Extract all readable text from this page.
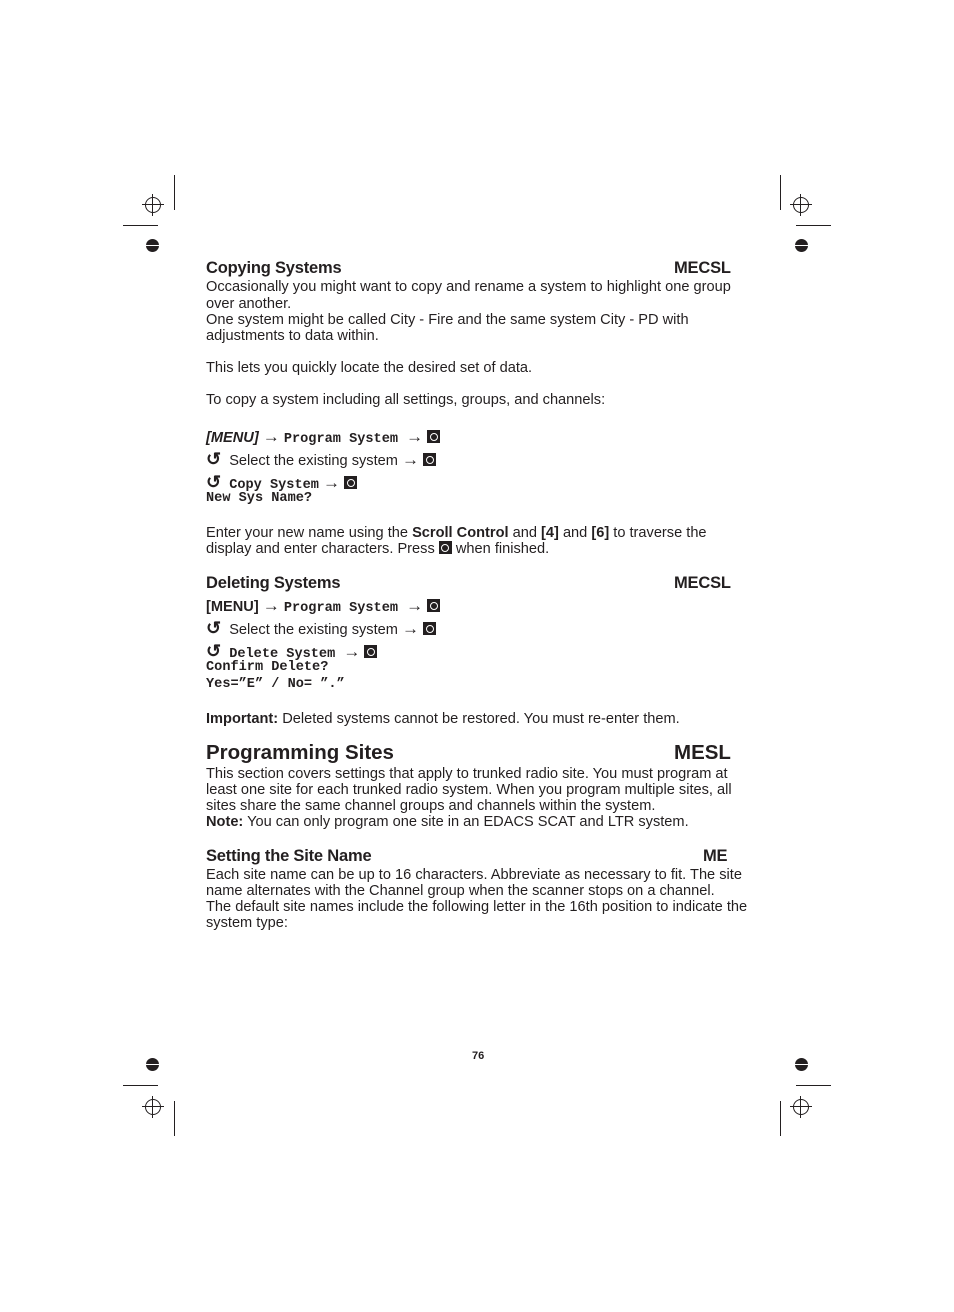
Copying Systems	MECSL
Occasionally you might want to copy and rename a system to highlight one group
over another.
One system might be called City - Fire and the same system City - PD with
adjustments to data within.
This lets you quickly locate the desired set of data.
To copy a system including all settings, groups, and channels:
[MENU] → Program System →
↺ Select the existing system →
↺ Copy System →
New Sys Name?
Enter your new name using the Scroll Control and [4] and [6] to traverse the
display and enter characters. Press when finished.
Deleting Systems	MECSL
[MENU] → Program System →
↺ Select the existing system →
↺ Delete System →
Confirm Delete?
Yes=”E” / No= ”.”
Important: Deleted systems cannot be restored. You must re-enter them.
Programming Sites	MESL
This section covers settings that apply to trunked radio site. You must program at
least one site for each trunked radio system. When you program multiple sites, all
sites share the same channel groups and channels within the system.
Note: You can only program one site in an EDACS SCAT and LTR system.
Setting the Site Name	ME
Each site name can be up to 16 characters. Abbreviate as necessary to fit. The site
name alternates with the Channel group when the scanner stops on a channel.
The default site names include the following letter in the 16th position to indicate the
system type:
76
